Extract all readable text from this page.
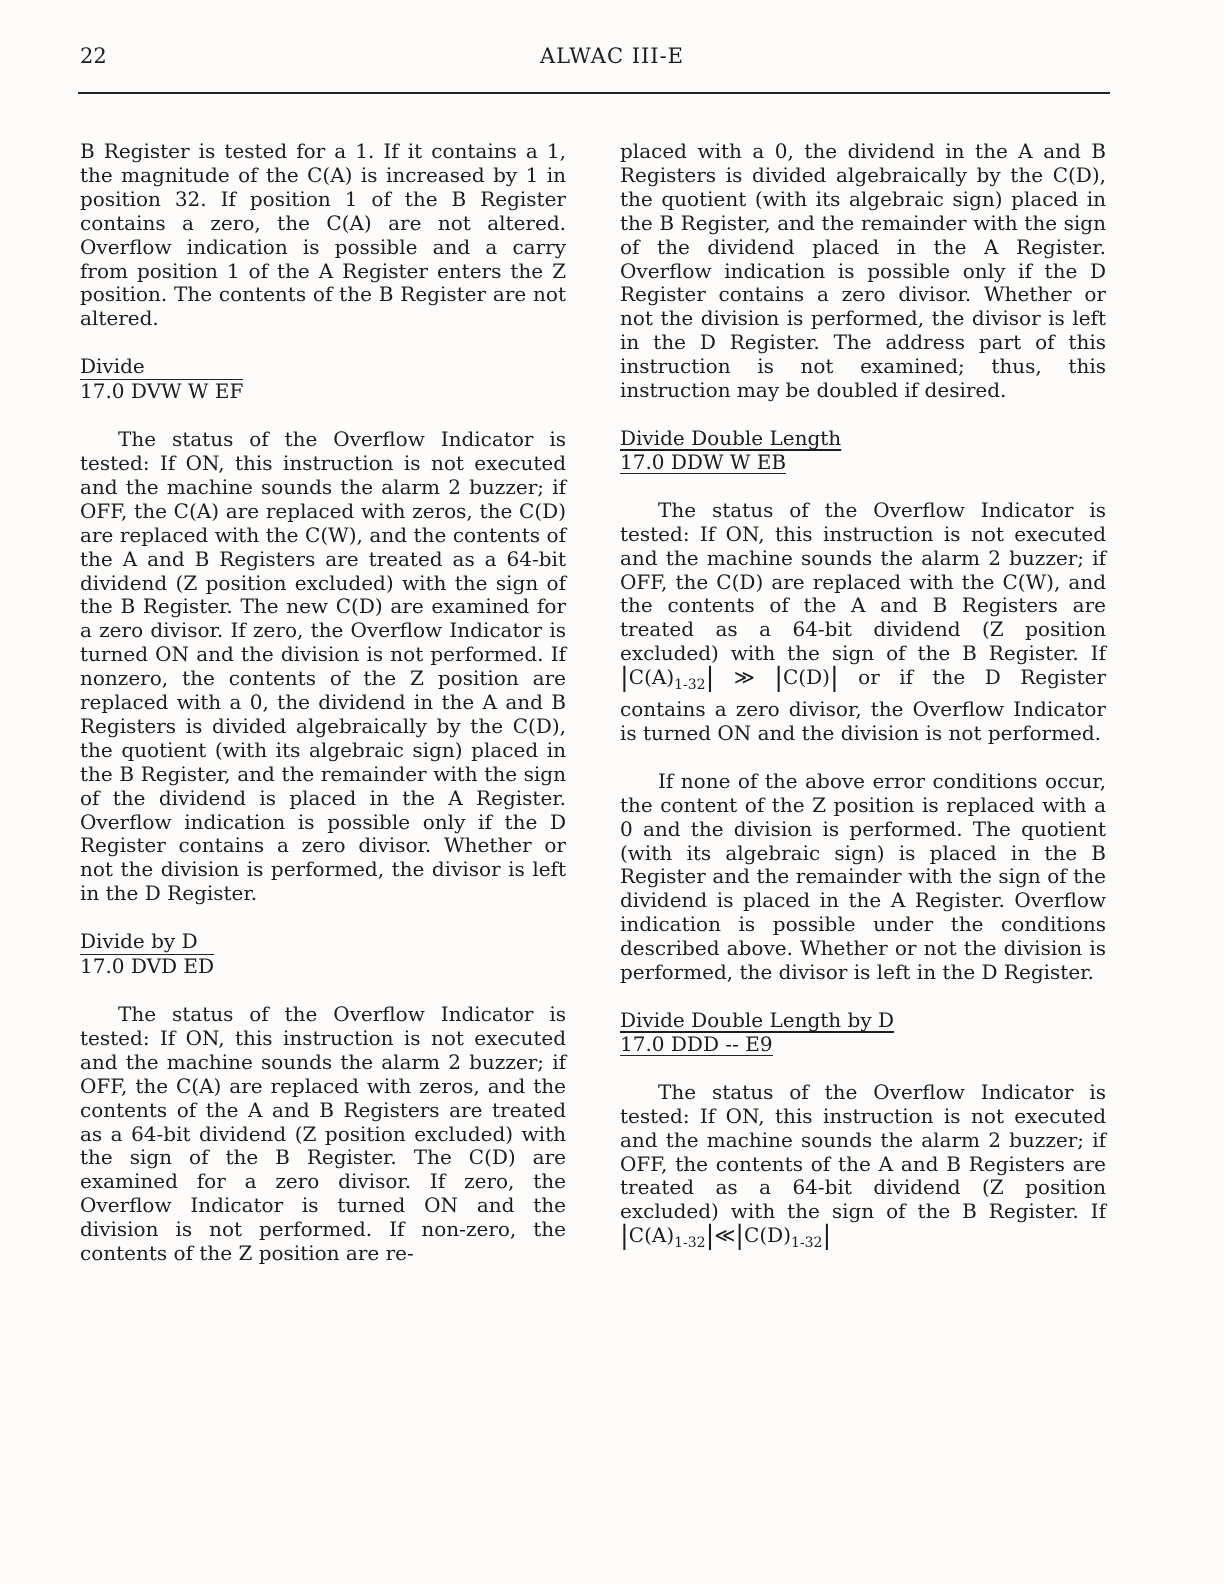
22	ALWAC III-E

B Register is tested for a 1. If it contains a 1, the magnitude of the C(A) is increased by 1 in position 32. If position 1 of the B Register contains a zero, the C(A) are not altered. Overflow indication is possible and a carry from position 1 of the A Register enters the Z position. The contents of the B Register are not altered.

Divide
17.0 DVW W EF

The status of the Overflow Indicator is tested: If ON, this instruction is not executed and the machine sounds the alarm 2 buzzer; if OFF, the C(A) are replaced with zeros, the C(D) are replaced with the C(W), and the contents of the A and B Registers are treated as a 64-bit dividend (Z position excluded) with the sign of the B Register. The new C(D) are examined for a zero divisor. If zero, the Overflow Indicator is turned ON and the division is not performed. If nonzero, the contents of the Z position are replaced with a 0, the dividend in the A and B Registers is divided algebraically by the C(D), the quotient (with its algebraic sign) placed in the B Register, and the remainder with the sign of the dividend is placed in the A Register. Overflow indication is possible only if the D Register contains a zero divisor. Whether or not the division is performed, the divisor is left in the D Register.

Divide by D
17.0 DVD ED

The status of the Overflow Indicator is tested: If ON, this instruction is not executed and the machine sounds the alarm 2 buzzer; if OFF, the C(A) are replaced with zeros, and the contents of the A and B Registers are treated as a 64-bit dividend (Z position excluded) with the sign of the B Register. The C(D) are examined for a zero divisor. If zero, the Overflow Indicator is turned ON and the division is not performed. If non-zero, the contents of the Z position are re-

placed with a 0, the dividend in the A and B Registers is divided algebraically by the C(D), the quotient (with its algebraic sign) placed in the B Register, and the remainder with the sign of the dividend placed in the A Register. Overflow indication is possible only if the D Register contains a zero divisor. Whether or not the division is performed, the divisor is left in the D Register. The address part of this instruction is not examined; thus, this instruction may be doubled if desired.

Divide Double Length
17.0 DDW W EB

The status of the Overflow Indicator is tested: If ON, this instruction is not executed and the machine sounds the alarm 2 buzzer; if OFF, the C(D) are replaced with the C(W), and the contents of the A and B Registers are treated as a 64-bit dividend (Z position excluded) with the sign of the B Register. If $|C(A)_{1-32}|$ ≫ |C(D)| or if the D Register contains a zero divisor, the Overflow Indicator is turned ON and the division is not performed.

If none of the above error conditions occur, the content of the Z position is replaced with a 0 and the division is performed. The quotient (with its algebraic sign) is placed in the B Register and the remainder with the sign of the dividend is placed in the A Register. Overflow indication is possible under the conditions described above. Whether or not the division is performed, the divisor is left in the D Register.

Divide Double Length by D
17.0 DDD -- E9

The status of the Overflow Indicator is tested: If ON, this instruction is not executed and the machine sounds the alarm 2 buzzer; if OFF, the contents of the A and B Registers are treated as a 64-bit dividend (Z position excluded) with the sign of the B Register. If $|C(A)_{1-32}|≪|C(D)_{1-32}|$
